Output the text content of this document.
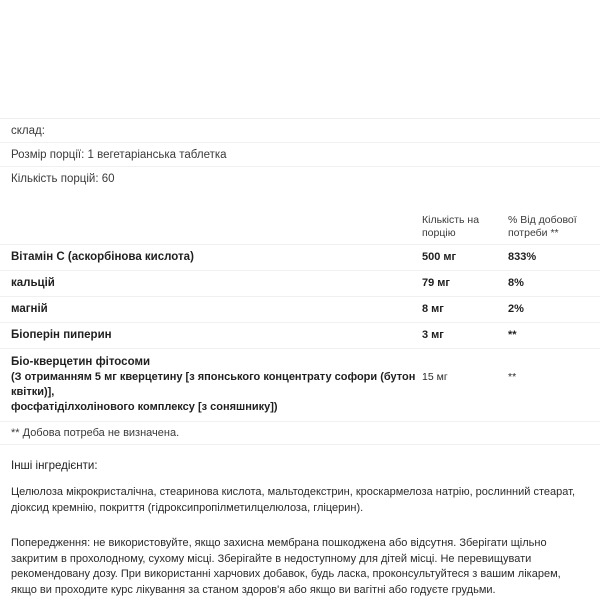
склад:
Розмір порції: 1 вегетаріанська таблетка
Кількість порцій: 60
Кількість на порцію
% Від добової потреби **
Вітамін С (аскорбінова кислота)	500 мг	833%
кальцій	79 мг	8%
магній	8 мг	2%
Біоперін пиперин	3 мг	**
Біо-кверцетин фітосоми
(З отриманням 5 мг кверцетину [з японського концентрату софори (бутон квітки)],
фосфатіділхолінового комплексу [з соняшнику])
15 мг	**
** Добова потреба не визначена.

Інші інгредієнти:

Целюлоза мікрокристалічна, стеаринова кислота, мальтодекстрин, кроскармелоза натрію, рослинний стеарат, діоксид кремнію, покриття (гідроксипропілметилцелюлоза, гліцерин).

Попередження: не використовуйте, якщо захисна мембрана пошкоджена або відсутня. Зберігати щільно закритим в прохолодному, сухому місці. Зберігайте в недоступному для дітей місці. Не перевищувати рекомендовану дозу. При використанні харчових добавок, будь ласка, проконсультуйтеся з вашим лікарем, якщо ви проходите курс лікування за станом здоров'я або якщо ви вагітні або годуєте грудьми.
